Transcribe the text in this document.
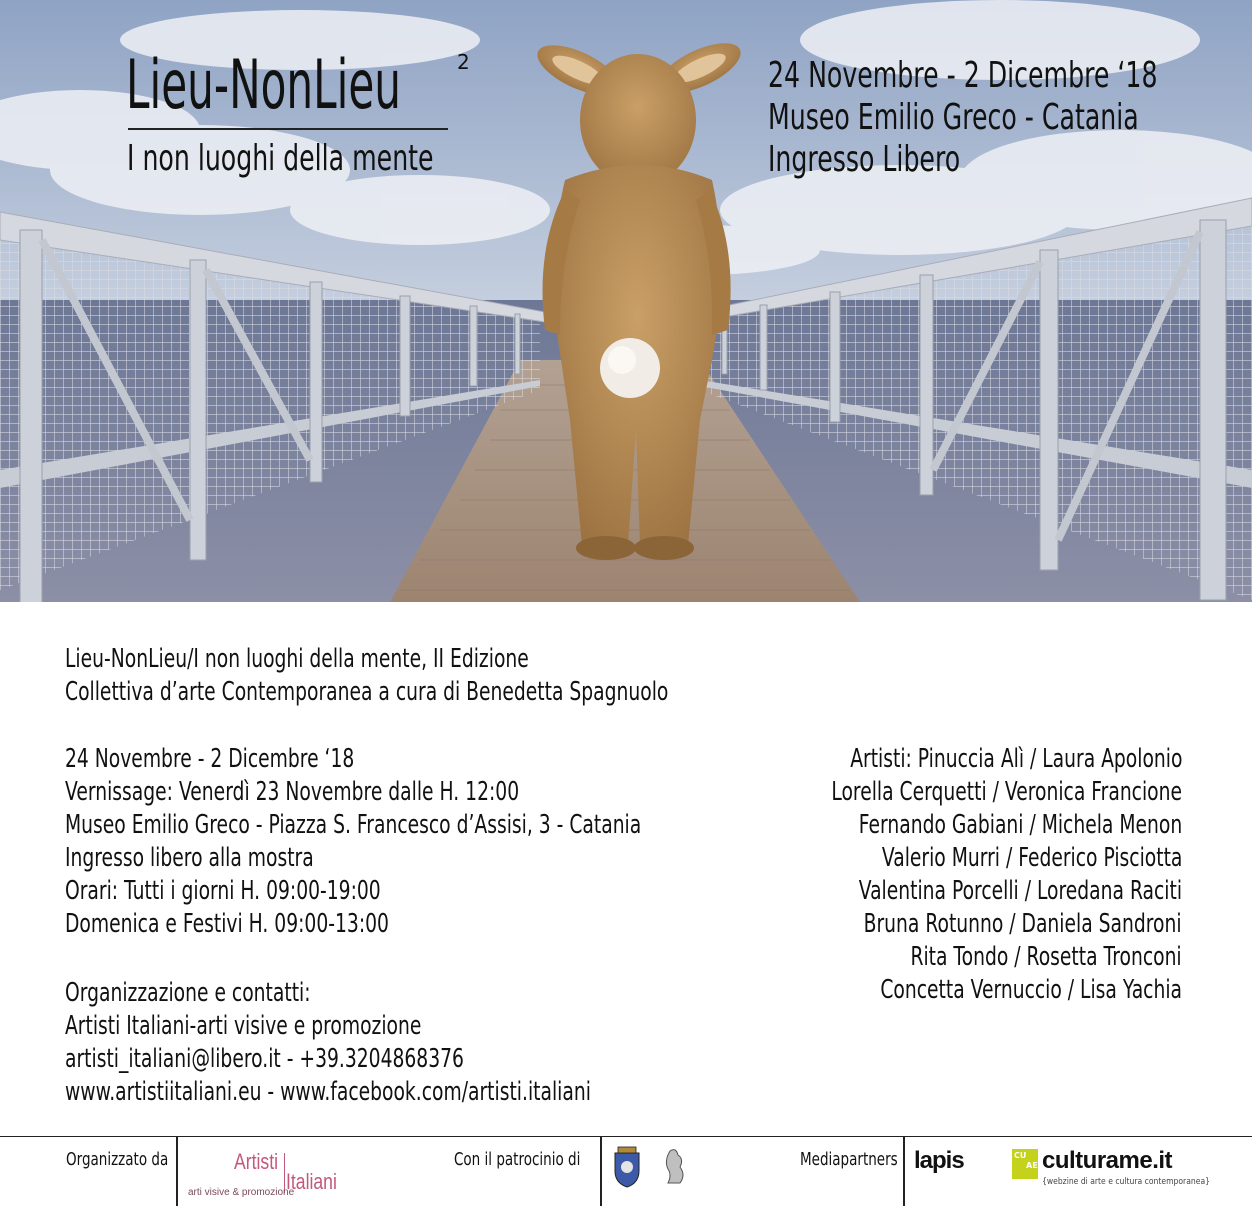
Lieu-NonLieu	2
I non luoghi della mente
24 Novembre - 2 Dicembre ‘18
Museo Emilio Greco - Catania
Ingresso Libero
Lieu-NonLieu/I non luoghi della mente, II Edizione
Collettiva d’arte Contemporanea a cura di Benedetta Spagnuolo
24 Novembre - 2 Dicembre ‘18
Vernissage: Venerdì 23 Novembre dalle H. 12:00
Museo Emilio Greco - Piazza S. Francesco d’Assisi, 3 - Catania
Ingresso libero alla mostra
Orari: Tutti i giorni H. 09:00-19:00
Domenica e Festivi H. 09:00-13:00
Organizzazione e contatti:
Artisti Italiani-arti visive e promozione
artisti_italiani@libero.it - +39.3204868376
www.artistiitaliani.eu - www.facebook.com/artisti.italiani
Artisti: Pinuccia Alì / Laura Apolonio
Lorella Cerquetti / Veronica Francione
Fernando Gabiani / Michela Menon
Valerio Murri / Federico Pisciotta
Valentina Porcelli / Loredana Raciti
Bruna Rotunno / Daniela Sandroni
Rita Tondo / Rosetta Tronconi
Concetta Vernuccio / Lisa Yachia
Organizzato da	Artisti
Italiani
arti visive & promozione
Con il patrocinio di	Mediapartners lapis	CU
AE culturame.it
{webzine di arte e cultura contemporanea}
